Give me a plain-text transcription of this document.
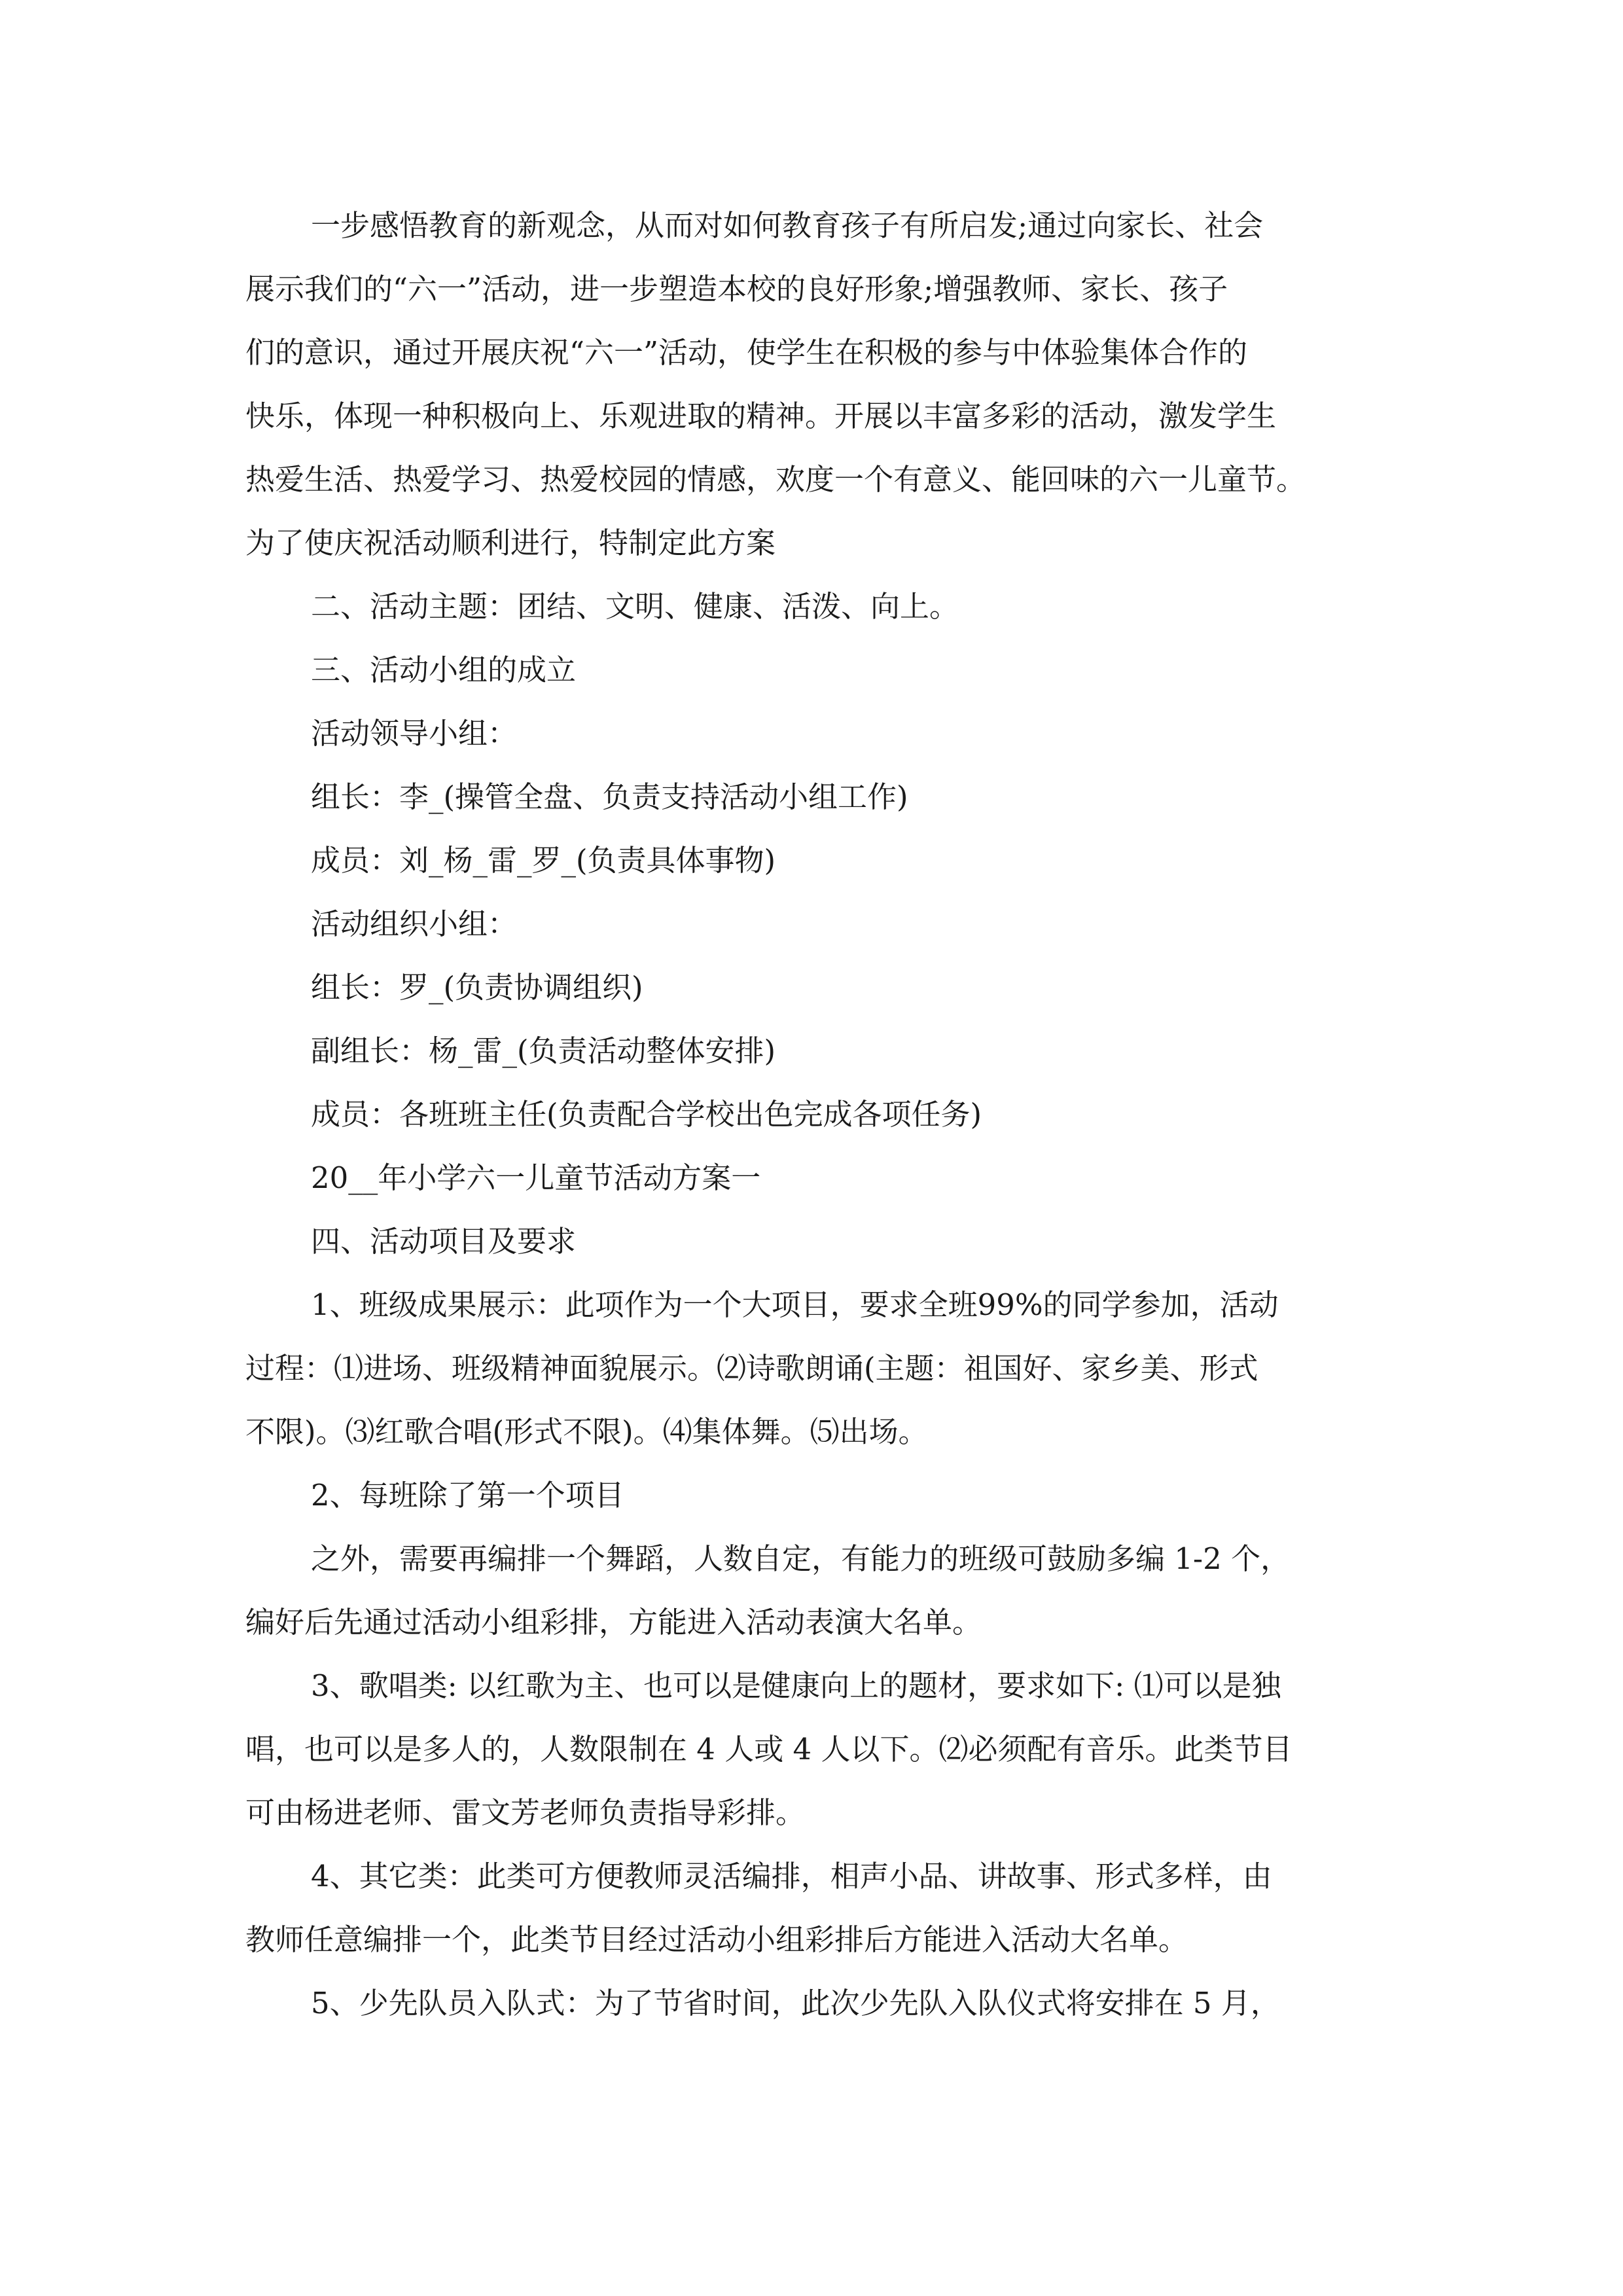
一步感悟教育的新观念，从而对如何教育孩子有所启发;通过向家长、社会

展示我们的“六一”活动，进一步塑造本校的良好形象;增强教师、家长、孩子

们的意识，通过开展庆祝“六一”活动，使学生在积极的参与中体验集体合作的

快乐，体现一种积极向上、乐观进取的精神。开展以丰富多彩的活动，激发学生

热爱生活、热爱学习、热爱校园的情感，欢度一个有意义、能回味的六一儿童节。

为了使庆祝活动顺利进行，特制定此方案

二、活动主题：团结、文明、健康、活泼、向上。

三、活动小组的成立

活动领导小组：

组长：李_(操管全盘、负责支持活动小组工作)

成员：刘_杨_雷_罗_(负责具体事物)

活动组织小组：

组长：罗_(负责协调组织)

副组长：杨_雷_(负责活动整体安排)

成员：各班班主任(负责配合学校出色完成各项任务)

20__年小学六一儿童节活动方案一

四、活动项目及要求

1、班级成果展示：此项作为一个大项目，要求全班99%的同学参加，活动

过程：⑴进场、班级精神面貌展示。⑵诗歌朗诵(主题：祖国好、家乡美、形式

不限)。⑶红歌合唱(形式不限)。⑷集体舞。⑸出场。

2、每班除了第一个项目

之外，需要再编排一个舞蹈，人数自定，有能力的班级可鼓励多编 1-2 个，

编好后先通过活动小组彩排，方能进入活动表演大名单。

3、歌唱类: 以红歌为主、也可以是健康向上的题材，要求如下: ⑴可以是独

唱，也可以是多人的，人数限制在 4 人或 4 人以下。⑵必须配有音乐。此类节目

可由杨进老师、雷文芳老师负责指导彩排。

4、其它类：此类可方便教师灵活编排，相声小品、讲故事、形式多样，由

教师任意编排一个，此类节目经过活动小组彩排后方能进入活动大名单。

5、少先队员入队式：为了节省时间，此次少先队入队仪式将安排在 5 月，
